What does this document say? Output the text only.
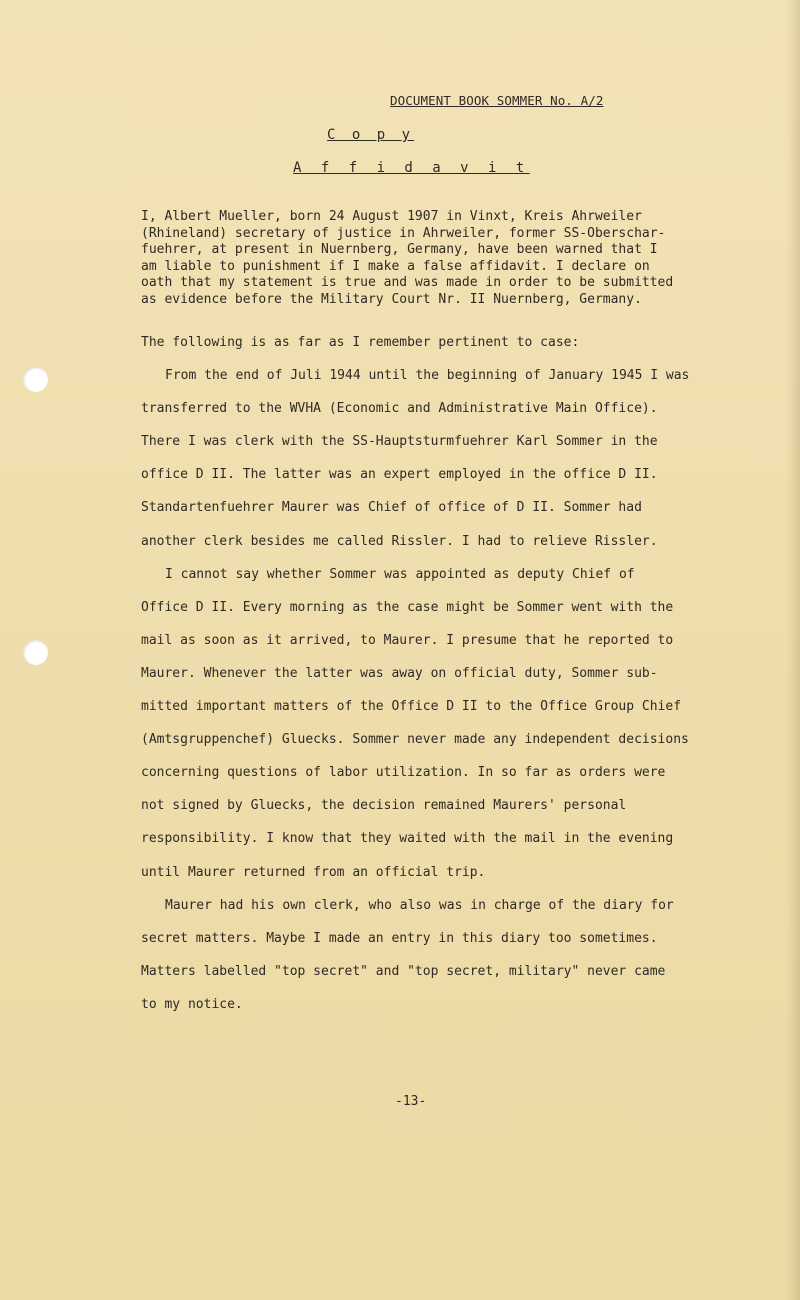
DOCUMENT BOOK SOMMER No. A/2
C o p y
A f f i d a v i t
I, Albert Mueller, born 24 August 1907 in Vinxt, Kreis Ahrweiler
(Rhineland) secretary of justice in Ahrweiler, former SS-Oberschar-
fuehrer, at present in Nuernberg, Germany, have been warned that I
am liable to punishment if I make a false affidavit. I declare on
oath that my statement is true and was made in order to be submitted
as evidence before the Military Court Nr. II Nuernberg, Germany.
The following is as far as I remember pertinent to case:
From the end of Juli 1944 until the beginning of January 1945 I was
transferred to the WVHA (Economic and Administrative Main Office).
There I was clerk with the SS-Hauptsturmfuehrer Karl Sommer in the
office D II. The latter was an expert employed in the office D II.
Standartenfuehrer Maurer was Chief of office of D II. Sommer had
another clerk besides me called Rissler. I had to relieve Rissler.
I cannot say whether Sommer was appointed as deputy Chief of
Office D II. Every morning as the case might be Sommer went with the
mail as soon as it arrived, to Maurer. I presume that he reported to
Maurer. Whenever the latter was away on official duty, Sommer sub-
mitted important matters of the Office D II to the Office Group Chief
(Amtsgruppenchef) Gluecks. Sommer never made any independent decisions
concerning questions of labor utilization. In so far as orders were
not signed by Gluecks, the decision remained Maurers' personal
responsibility. I know that they waited with the mail in the evening
until Maurer returned from an official trip.
Maurer had his own clerk, who also was in charge of the diary for
secret matters. Maybe I made an entry in this diary too sometimes.
Matters labelled "top secret" and "top secret, military" never came
to my notice.
-13-
